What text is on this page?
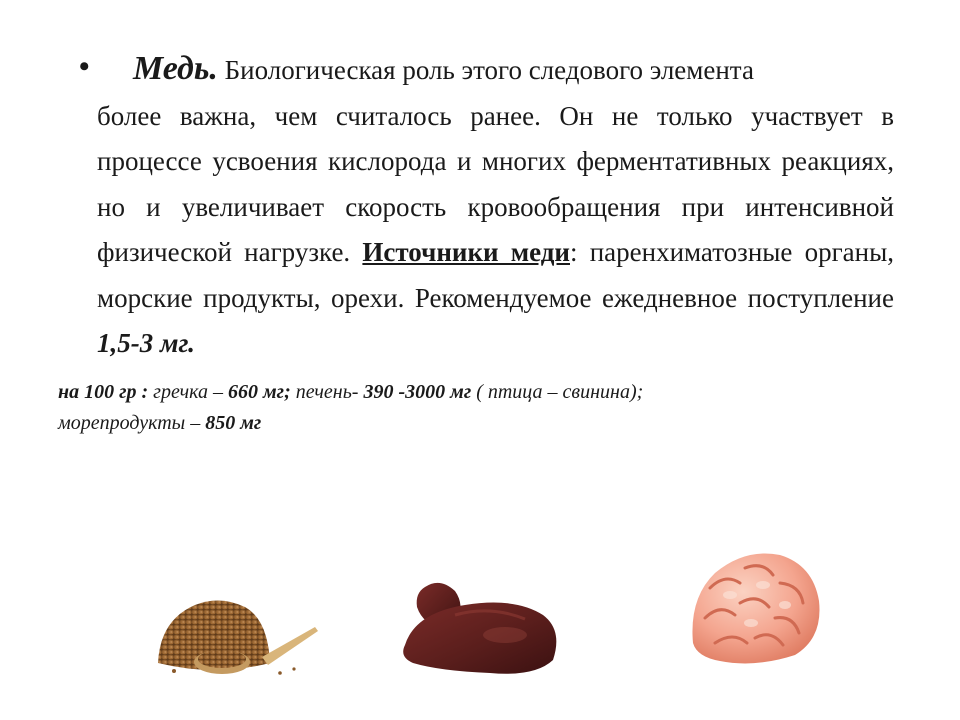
•	Медь. Биологическая роль этого следового элемента
более важна, чем считалось ранее. Он не только участвует в процессе усвоения кислорода и многих ферментативных реакциях, но и увеличивает скорость кровообращения при интенсивной физической нагрузке. Источники меди: паренхиматозные органы, морские продукты, орехи. Рекомендуемое ежедневное поступление 1,5-3 мг.
на 100 гр : гречка – 660 мг; печень- 390 -3000 мг ( птица – свинина);
морепродукты – 850 мг
